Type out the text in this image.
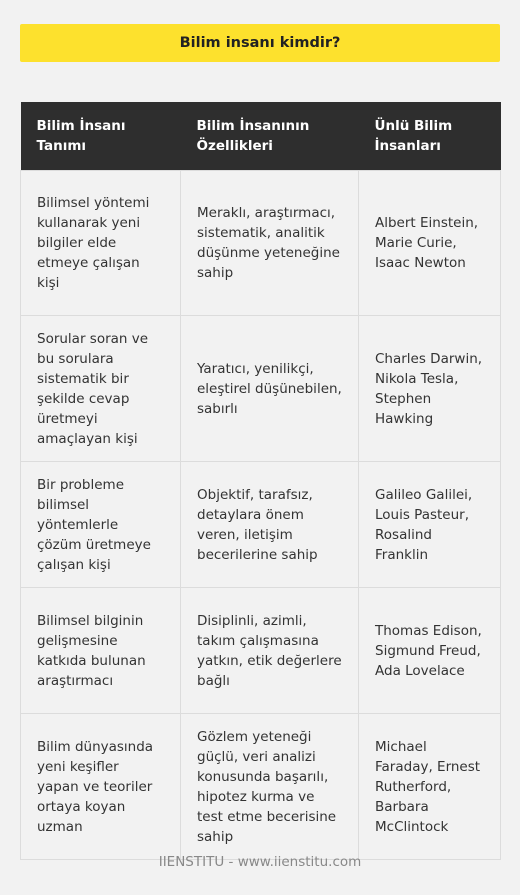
Bilim insanı kimdir?
Bilim İnsanı Tanımı	Bilim İnsanının Özellikleri	Ünlü Bilim İnsanları
Bilimsel yöntemi kullanarak yeni bilgiler elde etmeye çalışan kişi	Meraklı, araştırmacı, sistematik, analitik düşünme yeteneğine sahip	Albert Einstein, Marie Curie, Isaac Newton
Sorular soran ve bu sorulara sistematik bir şekilde cevap üretmeyi amaçlayan kişi	Yaratıcı, yenilikçi, eleştirel düşünebilen, sabırlı	Charles Darwin, Nikola Tesla, Stephen Hawking
Bir probleme bilimsel yöntemlerle çözüm üretmeye çalışan kişi	Objektif, tarafsız, detaylara önem veren, iletişim becerilerine sahip	Galileo Galilei, Louis Pasteur, Rosalind Franklin
Bilimsel bilginin gelişmesine katkıda bulunan araştırmacı	Disiplinli, azimli, takım çalışmasına yatkın, etik değerlere bağlı	Thomas Edison, Sigmund Freud, Ada Lovelace
Bilim dünyasında yeni keşifler yapan ve teoriler ortaya koyan uzman	Gözlem yeteneği güçlü, veri analizi konusunda başarılı, hipotez kurma ve test etme becerisine sahip	Michael Faraday, Ernest Rutherford, Barbara McClintock
IIENSTITU - www.iienstitu.com
